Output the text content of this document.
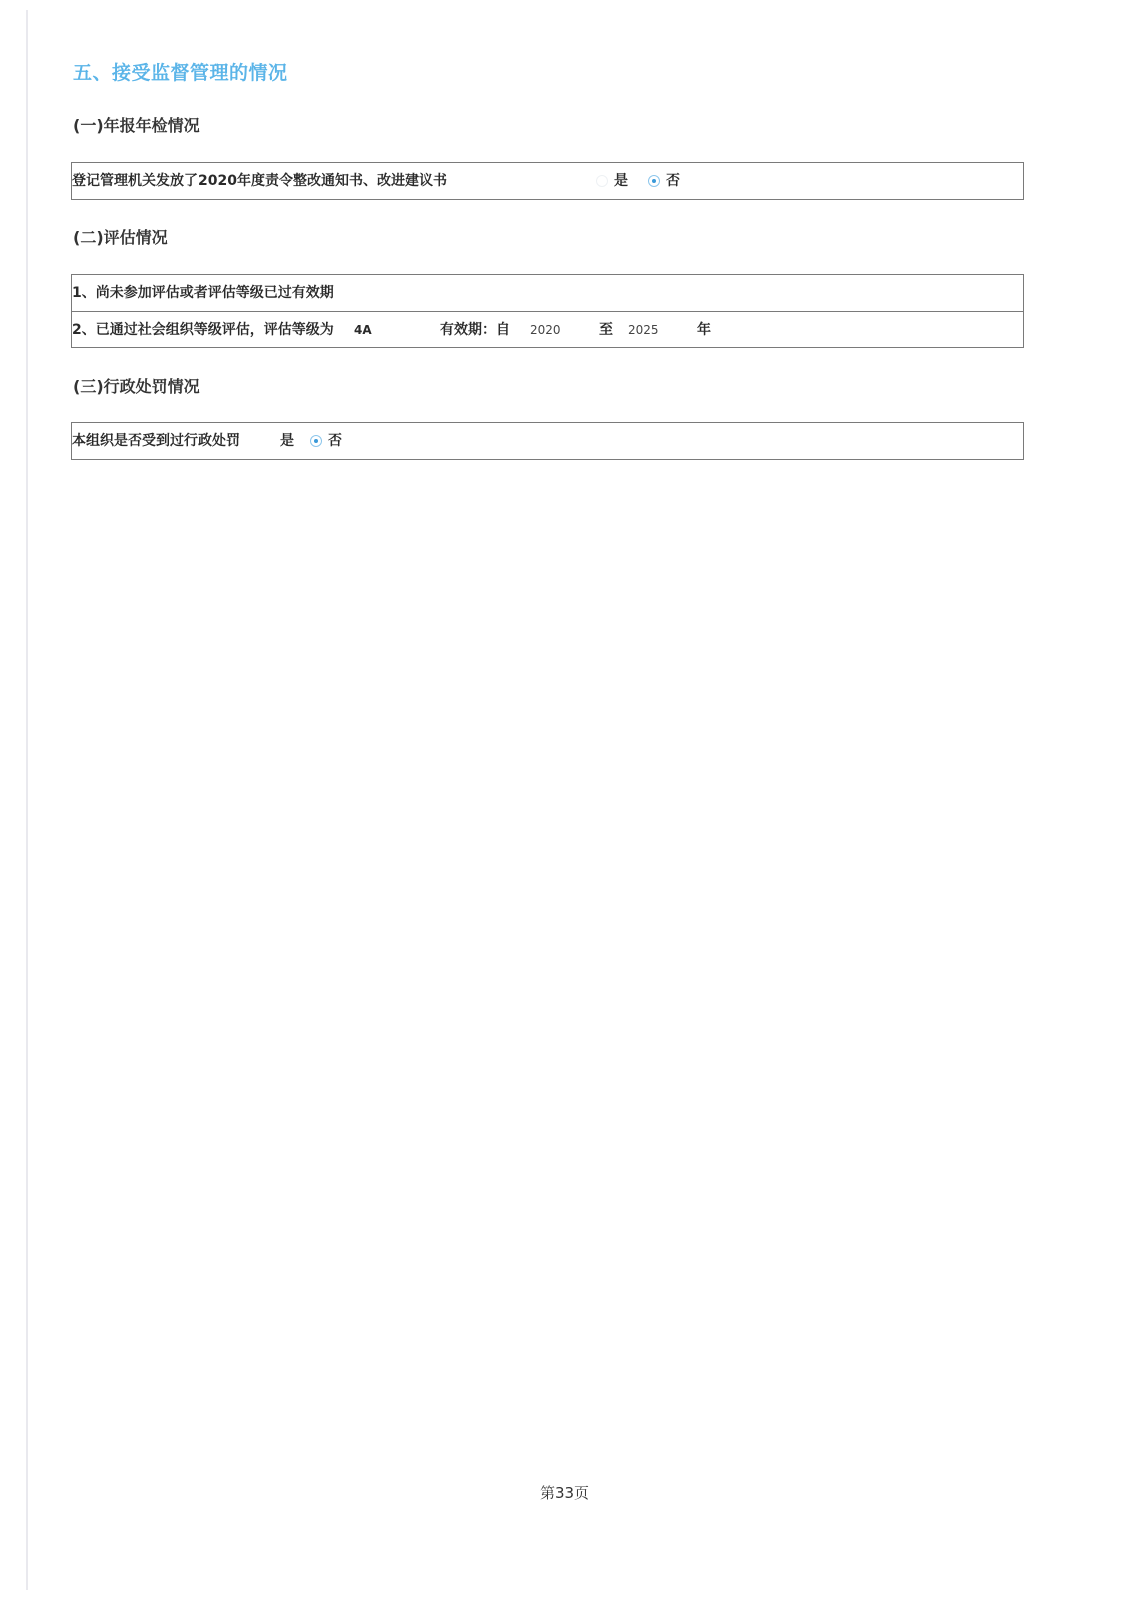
五、接受监督管理的情况
(一)年报年检情况
登记管理机关发放了2020年度责令整改通知书、改进建议书	是	否
(二)评估情况
1、尚未参加评估或者评估等级已过有效期
2、已通过社会组织等级评估，评估等级为 4A	有效期：自 2020	至 2025	年
(三)行政处罚情况
本组织是否受到过行政处罚	是	否
第33页
